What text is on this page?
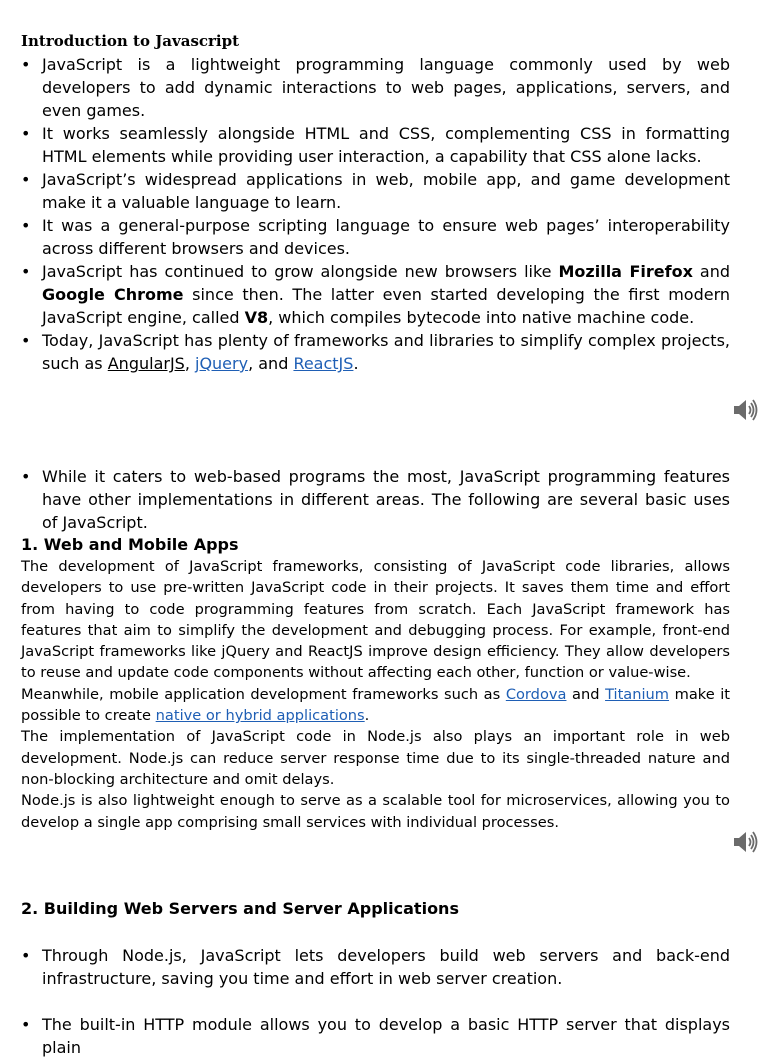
Introduction to Javascript
• JavaScript is a lightweight programming language commonly used by web developers to add dynamic interactions to web pages, applications, servers, and even games.
• It works seamlessly alongside HTML and CSS, complementing CSS in formatting HTML elements while providing user interaction, a capability that CSS alone lacks.
• JavaScript’s widespread applications in web, mobile app, and game development make it a valuable language to learn.
• It was a general-purpose scripting language to ensure web pages’ interoperability across different browsers and devices.
• JavaScript has continued to grow alongside new browsers like Mozilla Firefox and Google Chrome since then. The latter even started developing the first modern JavaScript engine, called V8, which compiles bytecode into native machine code.
• Today, JavaScript has plenty of frameworks and libraries to simplify complex projects, such as AngularJS, jQuery, and ReactJS.
• While it caters to web-based programs the most, JavaScript programming features have other implementations in different areas. The following are several basic uses of JavaScript.
1. Web and Mobile Apps

The development of JavaScript frameworks, consisting of JavaScript code libraries, allows developers to use pre-written JavaScript code in their projects. It saves them time and effort from having to code programming features from scratch. Each JavaScript framework has features that aim to simplify the development and debugging process. For example, front-end JavaScript frameworks like jQuery and ReactJS improve design efficiency. They allow developers to reuse and update code components without affecting each other, function or value-wise.

Meanwhile, mobile application development frameworks such as Cordova and Titanium make it possible to create native or hybrid applications.

The implementation of JavaScript code in Node.js also plays an important role in web development. Node.js can reduce server response time due to its single-threaded nature and non-blocking architecture and omit delays.

Node.js is also lightweight enough to serve as a scalable tool for microservices, allowing you to develop a single app comprising small services with individual processes.

2. Building Web Servers and Server Applications
• Through Node.js, JavaScript lets developers build web servers and back-end infrastructure, saving you time and effort in web server creation.
• The built-in HTTP module allows you to develop a basic HTTP server that displays plain
